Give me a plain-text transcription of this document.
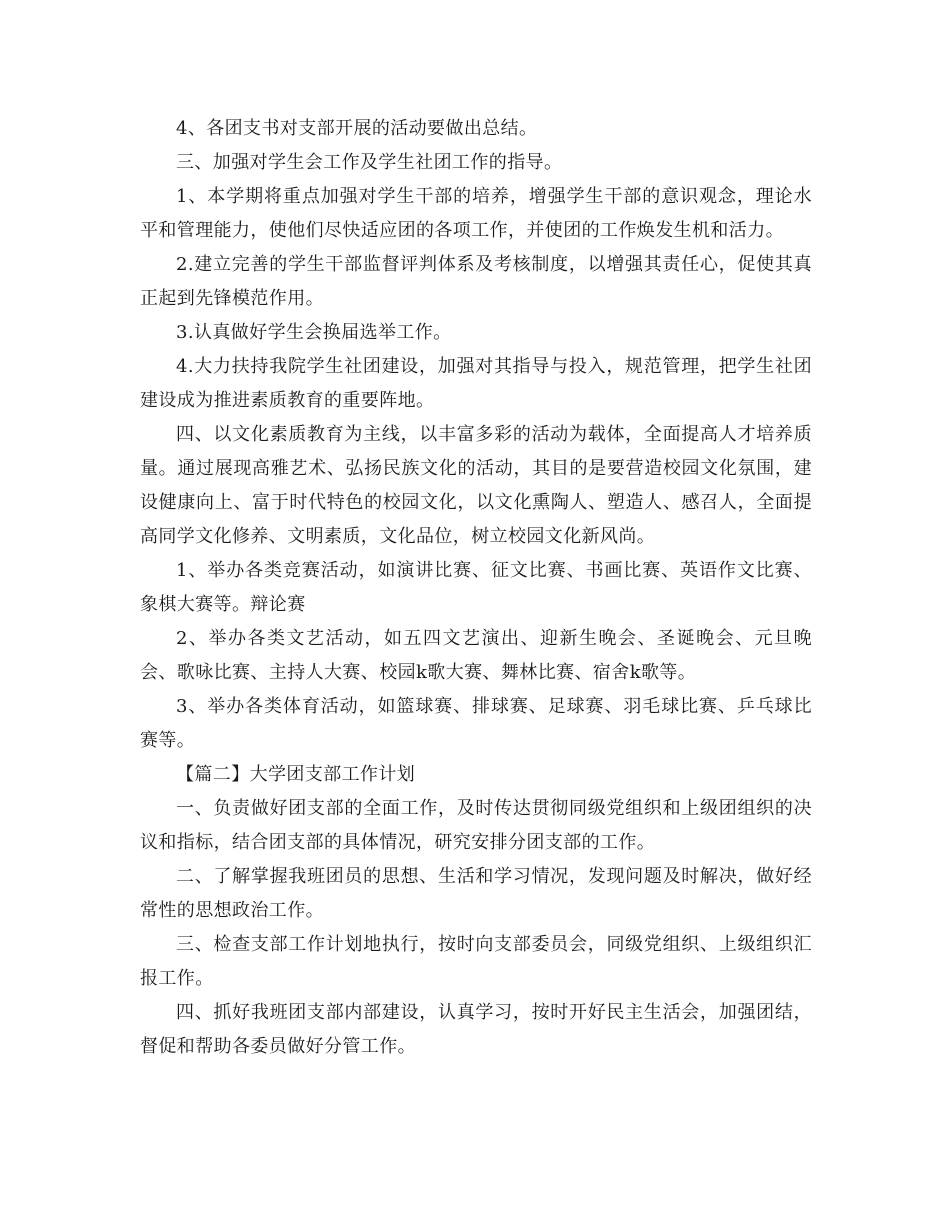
4、各团支书对支部开展的活动要做出总结。

三、加强对学生会工作及学生社团工作的指导。

1、本学期将重点加强对学生干部的培养，增强学生干部的意识观念，理论水平和管理能力，使他们尽快适应团的各项工作，并使团的工作焕发生机和活力。

2.建立完善的学生干部监督评判体系及考核制度，以增强其责任心，促使其真正起到先锋模范作用。

3.认真做好学生会换届选举工作。

4.大力扶持我院学生社团建设，加强对其指导与投入，规范管理，把学生社团建设成为推进素质教育的重要阵地。

四、以文化素质教育为主线，以丰富多彩的活动为载体，全面提高人才培养质量。通过展现高雅艺术、弘扬民族文化的活动，其目的是要营造校园文化氛围，建设健康向上、富于时代特色的校园文化，以文化熏陶人、塑造人、感召人，全面提高同学文化修养、文明素质，文化品位，树立校园文化新风尚。

1、举办各类竞赛活动，如演讲比赛、征文比赛、书画比赛、英语作文比赛、象棋大赛等。辩论赛

2、举办各类文艺活动，如五四文艺演出、迎新生晚会、圣诞晚会、元旦晚会、歌咏比赛、主持人大赛、校园k歌大赛、舞林比赛、宿舍k歌等。

3、举办各类体育活动，如篮球赛、排球赛、足球赛、羽毛球比赛、乒乓球比赛等。

【篇二】大学团支部工作计划

一、负责做好团支部的全面工作，及时传达贯彻同级党组织和上级团组织的决议和指标，结合团支部的具体情况，研究安排分团支部的工作。

二、了解掌握我班团员的思想、生活和学习情况，发现问题及时解决，做好经常性的思想政治工作。

三、检查支部工作计划地执行，按时向支部委员会，同级党组织、上级组织汇报工作。

四、抓好我班团支部内部建设，认真学习，按时开好民主生活会，加强团结，督促和帮助各委员做好分管工作。
